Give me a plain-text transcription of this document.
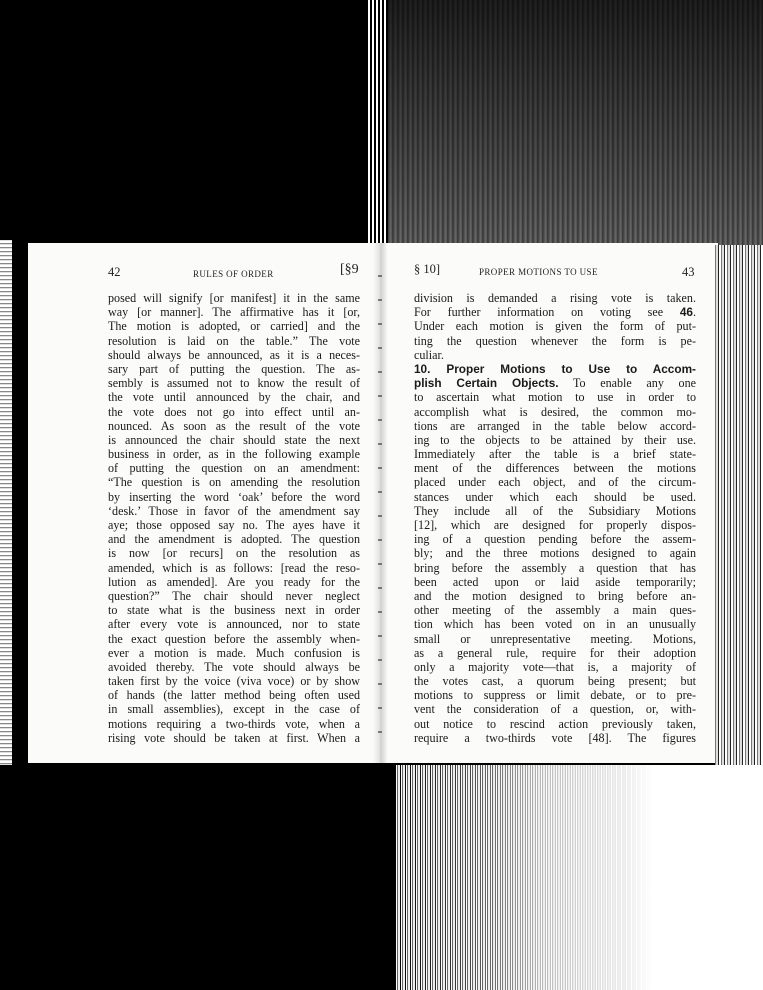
42	RULES OF ORDER	[§9
posed will signify [or manifest] it in the same
way [or manner]. The affirmative has it [or,
The motion is adopted, or carried] and the
resolution is laid on the table.” The vote
should always be announced, as it is a neces-
sary part of putting the question. The as-
sembly is assumed not to know the result of
the vote until announced by the chair, and
the vote does not go into effect until an-
nounced. As soon as the result of the vote
is announced the chair should state the next
business in order, as in the following example
of putting the question on an amendment:
“The question is on amending the resolution
by inserting the word ‘oak’ before the word
‘desk.’ Those in favor of the amendment say
aye; those opposed say no. The ayes have it
and the amendment is adopted. The question
is now [or recurs] on the resolution as
amended, which is as follows: [read the reso-
lution as amended]. Are you ready for the
question?” The chair should never neglect
to state what is the business next in order
after every vote is announced, nor to state
the exact question before the assembly when-
ever a motion is made. Much confusion is
avoided thereby. The vote should always be
taken first by the voice (viva voce) or by show
of hands (the latter method being often used
in small assemblies), except in the case of
motions requiring a two-thirds vote, when a
rising vote should be taken at first. When a
§ 10]	PROPER MOTIONS TO USE	43
division is demanded a rising vote is taken.
For further information on voting see 46.
Under each motion is given the form of put-
ting the question whenever the form is pe-
culiar.
10. Proper Motions to Use to Accom-
plish Certain Objects. To enable any one
to ascertain what motion to use in order to
accomplish what is desired, the common mo-
tions are arranged in the table below accord-
ing to the objects to be attained by their use.
Immediately after the table is a brief state-
ment of the differences between the motions
placed under each object, and of the circum-
stances under which each should be used.
They include all of the Subsidiary Motions
[12], which are designed for properly dispos-
ing of a question pending before the assem-
bly; and the three motions designed to again
bring before the assembly a question that has
been acted upon or laid aside temporarily;
and the motion designed to bring before an-
other meeting of the assembly a main ques-
tion which has been voted on in an unusually
small or unrepresentative meeting. Motions,
as a general rule, require for their adoption
only a majority vote—that is, a majority of
the votes cast, a quorum being present; but
motions to suppress or limit debate, or to pre-
vent the consideration of a question, or, with-
out notice to rescind action previously taken,
require a two-thirds vote [48]. The figures
